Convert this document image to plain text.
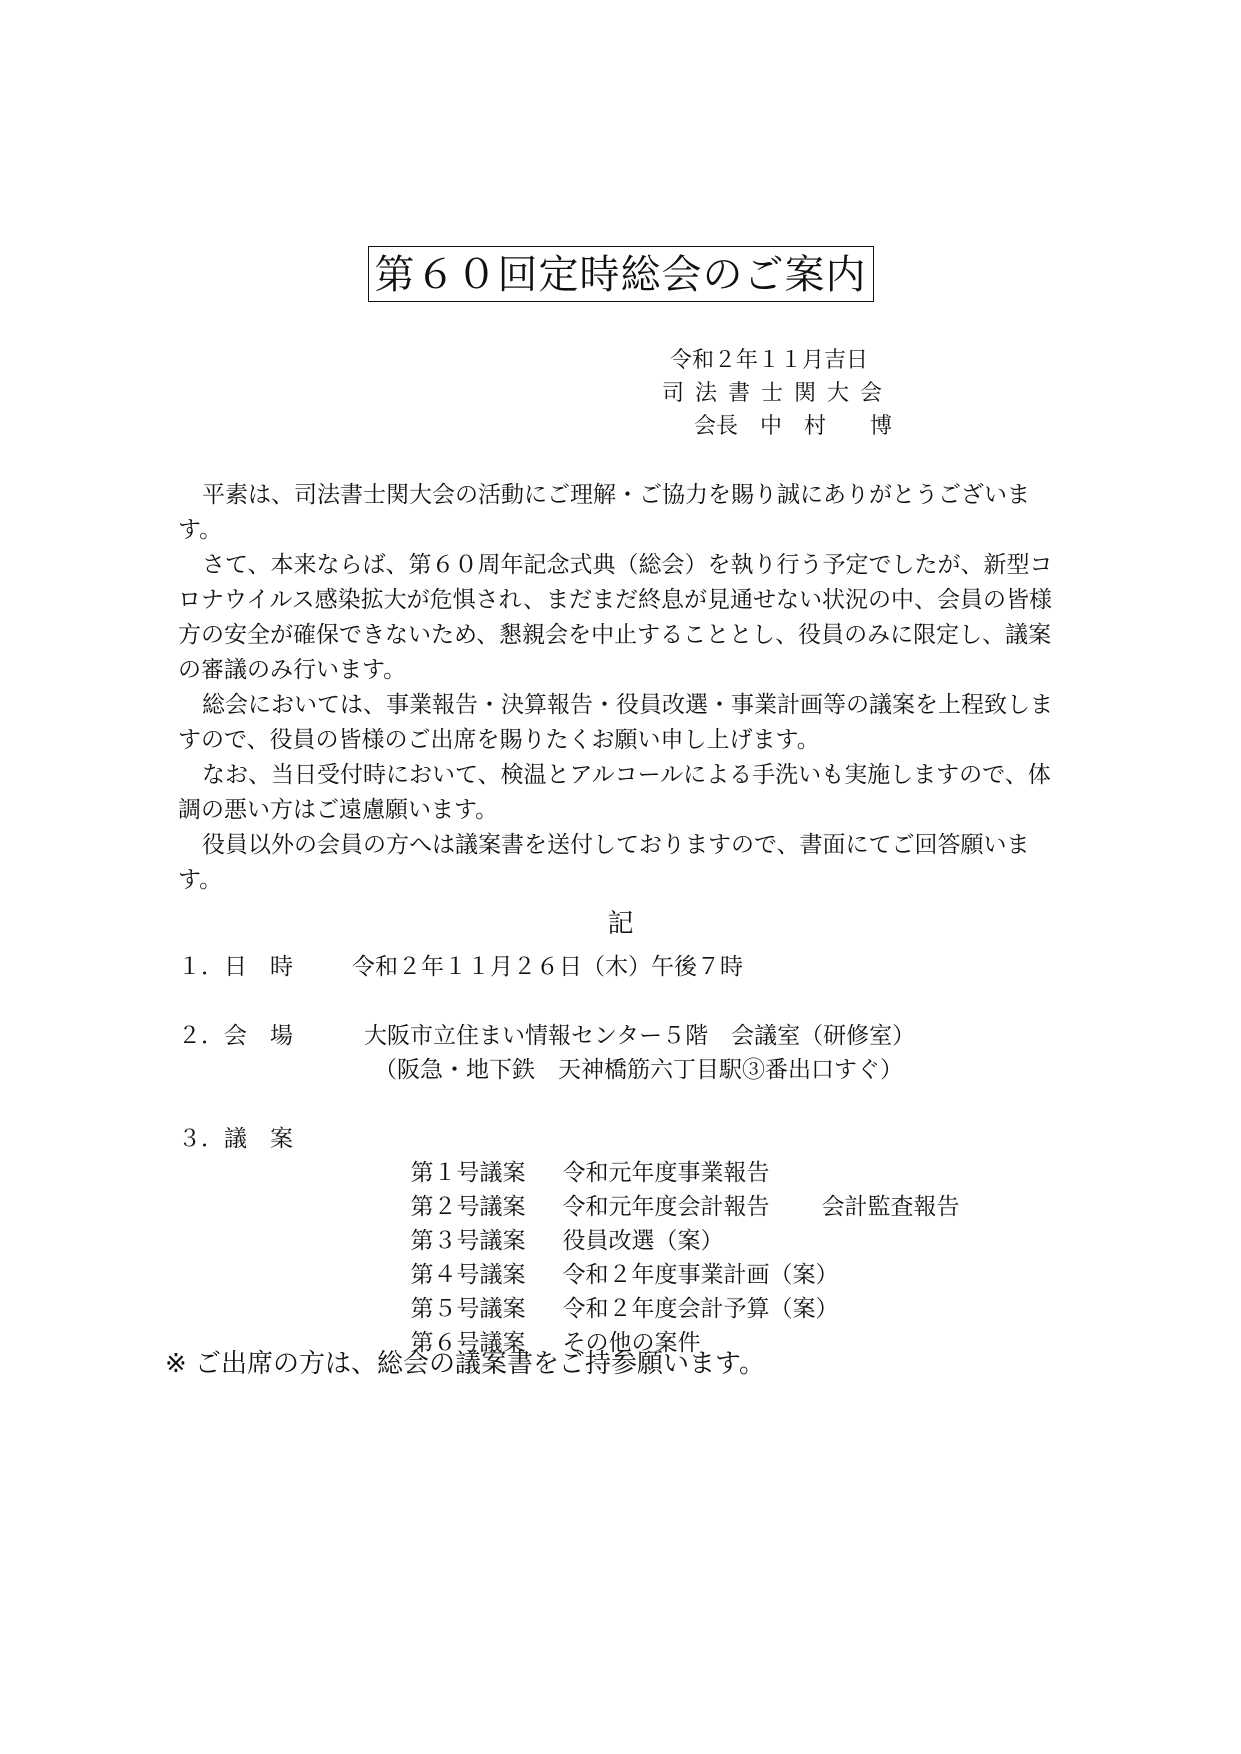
第６０回定時総会のご案内
令和２年１１月吉日
司 法 書 士 関 大 会
会長　中　村　　博

平素は、司法書士関大会の活動にご理解・ご協力を賜り誠にありがとうございます。

さて、本来ならば、第６０周年記念式典（総会）を執り行う予定でしたが、新型コロナウイルス感染拡大が危惧され、まだまだ終息が見通せない状況の中、会員の皆様方の安全が確保できないため、懇親会を中止することとし、役員のみに限定し、議案の審議のみ行います。

総会においては、事業報告・決算報告・役員改選・事業計画等の議案を上程致しますので、役員の皆様のご出席を賜りたくお願い申し上げます。

なお、当日受付時において、検温とアルコールによる手洗いも実施しますので、体調の悪い方はご遠慮願います。

役員以外の会員の方へは議案書を送付しておりますので、書面にてご回答願います。

記
１．日　時	令和２年１１月２６日（木）午後７時
２．会　場	大阪市立住まい情報センター５階　会議室（研修室）
（阪急・地下鉄　天神橋筋六丁目駅③番出口すぐ）
３．議　案

第１号議案 令和元年度事業報告

第２号議案 令和元年度会計報告 会計監査報告

第３号議案 役員改選（案）

第４号議案 令和２年度事業計画（案）

第５号議案 令和２年度会計予算（案）

第６号議案 その他の案件

※ ご出席の方は、総会の議案書をご持参願います。
